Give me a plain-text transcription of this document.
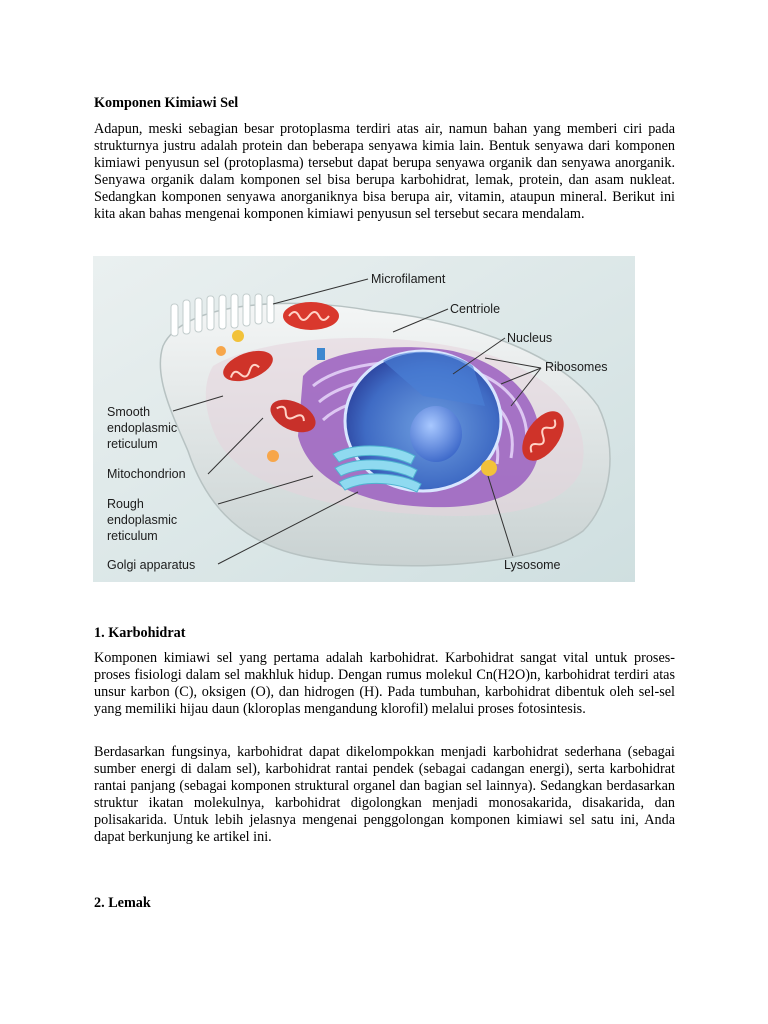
Komponen Kimiawi Sel

Adapun, meski sebagian besar protoplasma terdiri atas air, namun bahan yang memberi ciri pada strukturnya justru adalah protein dan beberapa senyawa kimia lain. Bentuk senyawa dari komponen kimiawi penyusun sel (protoplasma) tersebut dapat berupa senyawa organik dan senyawa anorganik. Senyawa organik dalam komponen sel bisa berupa karbohidrat, lemak, protein, dan asam nukleat. Sedangkan komponen senyawa anorganiknya bisa berupa air, vitamin, ataupun mineral. Berikut ini kita akan bahas mengenai komponen kimiawi penyusun sel tersebut secara mendalam.

Microfilament
Centriole
Nucleus
Ribosomes
Smooth
endoplasmic
reticulum
Mitochondrion
Rough
endoplasmic
reticulum
Golgi apparatus	Lysosome
1. Karbohidrat

Komponen kimiawi sel yang pertama adalah karbohidrat. Karbohidrat sangat vital untuk proses-proses fisiologi dalam sel makhluk hidup. Dengan rumus molekul Cn(H2O)n, karbohidrat terdiri atas unsur karbon (C), oksigen (O), dan hidrogen (H). Pada tumbuhan, karbohidrat dibentuk oleh sel-sel yang memiliki hijau daun (kloroplas mengandung klorofil) melalui proses fotosintesis.

Berdasarkan fungsinya, karbohidrat dapat dikelompokkan menjadi karbohidrat sederhana (sebagai sumber energi di dalam sel), karbohidrat rantai pendek (sebagai cadangan energi), serta karbohidrat rantai panjang (sebagai komponen struktural organel dan bagian sel lainnya). Sedangkan berdasarkan struktur ikatan molekulnya, karbohidrat digolongkan menjadi monosakarida, disakarida, dan polisakarida. Untuk lebih jelasnya mengenai penggolongan komponen kimiawi sel satu ini, Anda dapat berkunjung ke artikel ini.

2. Lemak
